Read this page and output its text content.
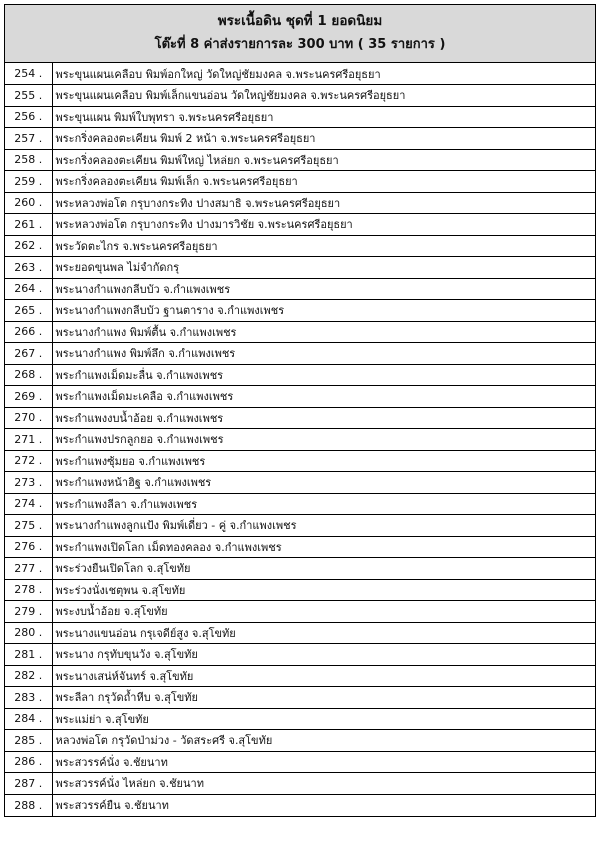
พระเนื้อดิน ชุดที่ 1 ยอดนิยม
โต๊ะที่ 8 ค่าส่งรายการละ 300 บาท ( 35 รายการ )
254 .	พระขุนแผนเคลือบ พิมพ์อกใหญ่ วัดใหญ่ชัยมงคล จ.พระนครศรีอยุธยา
255 .	พระขุนแผนเคลือบ พิมพ์เล็กแขนอ่อน วัดใหญ่ชัยมงคล จ.พระนครศรีอยุธยา
256 .	พระขุนแผน พิมพ์ใบพุทรา จ.พระนครศรีอยุธยา
257 .	พระกริ่งคลองตะเคียน พิมพ์ 2 หน้า จ.พระนครศรีอยุธยา
258 .	พระกริ่งคลองตะเคียน พิมพ์ใหญ่ ไหล่ยก จ.พระนครศรีอยุธยา
259 .	พระกริ่งคลองตะเคียน พิมพ์เล็ก จ.พระนครศรีอยุธยา
260 .	พระหลวงพ่อโต กรุบางกระทิง ปางสมาธิ จ.พระนครศรีอยุธยา
261 .	พระหลวงพ่อโต กรุบางกระทิง ปางมารวิชัย จ.พระนครศรีอยุธยา
262 .	พระวัดตะไกร จ.พระนครศรีอยุธยา
263 .	พระยอดขุนพล ไม่จำกัดกรุ
264 .	พระนางกำแพงกลีบบัว จ.กำแพงเพชร
265 .	พระนางกำแพงกลีบบัว ฐานตาราง จ.กำแพงเพชร
266 .	พระนางกำแพง พิมพ์ตื้น จ.กำแพงเพชร
267 .	พระนางกำแพง พิมพ์ลึก จ.กำแพงเพชร
268 .	พระกำแพงเม็ดมะลื่น จ.กำแพงเพชร
269 .	พระกำแพงเม็ดมะเคลือ จ.กำแพงเพชร
270 .	พระกำแพงงบน้ำอ้อย จ.กำแพงเพชร
271 .	พระกำแพงปรกลูกยอ จ.กำแพงเพชร
272 .	พระกำแพงซุ้มยอ จ.กำแพงเพชร
273 .	พระกำแพงหน้าฮิฐ จ.กำแพงเพชร
274 .	พระกำแพงลีลา จ.กำแพงเพชร
275 .	พระนางกำแพงลูกแป้ง พิมพ์เดี่ยว - คู่ จ.กำแพงเพชร
276 .	พระกำแพงเปิดโลก เม็ดทองคลอง จ.กำแพงเพชร
277 .	พระร่วงยืนเปิดโลก จ.สุโขทัย
278 .	พระร่วงนั่งเชตุพน จ.สุโขทัย
279 .	พระงบน้ำอ้อย จ.สุโขทัย
280 .	พระนางแขนอ่อน กรุเจดีย์สูง จ.สุโขทัย
281 .	พระนาง กรุทับขุนวัง จ.สุโขทัย
282 .	พระนางเสน่ห์จันทร์ จ.สุโขทัย
283 .	พระลีลา กรุวัดถ้ำหีบ จ.สุโขทัย
284 .	พระแม่ย่า จ.สุโขทัย
285 .	หลวงพ่อโต กรุวัดป่าม่วง - วัดสระศรี จ.สุโขทัย
286 .	พระสวรรค์นั่ง จ.ชัยนาท
287 .	พระสวรรค์นั่ง ไหล่ยก จ.ชัยนาท
288 .	พระสวรรค์ยืน จ.ชัยนาท
